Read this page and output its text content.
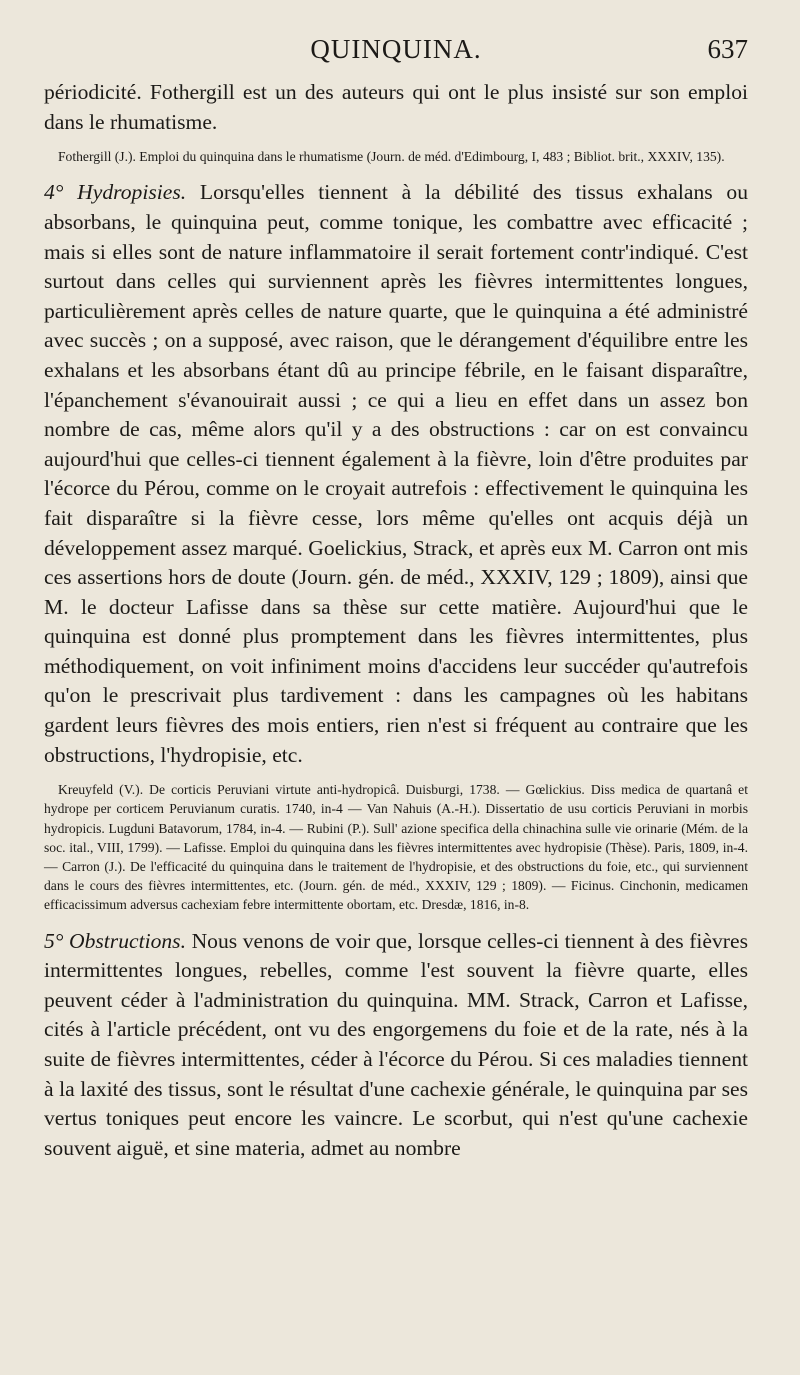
QUINQUINA.	637

périodicité. Fothergill est un des auteurs qui ont le plus insisté sur son emploi dans le rhumatisme.

Fothergill (J.). Emploi du quinquina dans le rhumatisme (Journ. de méd. d'Edimbourg, I, 483 ; Bibliot. brit., XXXIV, 135).

4° Hydropisies. Lorsqu'elles tiennent à la débilité des tissus exhalans ou absorbans, le quinquina peut, comme tonique, les combattre avec efficacité ; mais si elles sont de nature inflammatoire il serait fortement contr'indiqué. C'est surtout dans celles qui surviennent après les fièvres intermittentes longues, particulièrement après celles de nature quarte, que le quinquina a été administré avec succès ; on a supposé, avec raison, que le dérangement d'équilibre entre les exhalans et les absorbans étant dû au principe fébrile, en le faisant disparaître, l'épanchement s'évanouirait aussi ; ce qui a lieu en effet dans un assez bon nombre de cas, même alors qu'il y a des obstructions : car on est convaincu aujourd'hui que celles-ci tiennent également à la fièvre, loin d'être produites par l'écorce du Pérou, comme on le croyait autrefois : effectivement le quinquina les fait disparaître si la fièvre cesse, lors même qu'elles ont acquis déjà un développement assez marqué. Goelickius, Strack, et après eux M. Carron ont mis ces assertions hors de doute (Journ. gén. de méd., XXXIV, 129 ; 1809), ainsi que M. le docteur Lafisse dans sa thèse sur cette matière. Aujourd'hui que le quinquina est donné plus promptement dans les fièvres intermittentes, plus méthodiquement, on voit infiniment moins d'accidens leur succéder qu'autrefois qu'on le prescrivait plus tardivement : dans les campagnes où les habitans gardent leurs fièvres des mois entiers, rien n'est si fréquent au contraire que les obstructions, l'hydropisie, etc.

Kreuyfeld (V.). De corticis Peruviani virtute anti-hydropicâ. Duisburgi, 1738. — Gœlickius. Diss medica de quartanâ et hydrope per corticem Peruvianum curatis. 1740, in-4 — Van Nahuis (A.-H.). Dissertatio de usu corticis Peruviani in morbis hydropicis. Lugduni Batavorum, 1784, in-4. — Rubini (P.). Sull' azione specifica della chinachina sulle vie orinarie (Mém. de la soc. ital., VIII, 1799). — Lafisse. Emploi du quinquina dans les fièvres intermittentes avec hydropisie (Thèse). Paris, 1809, in-4. — Carron (J.). De l'efficacité du quinquina dans le traitement de l'hydropisie, et des obstructions du foie, etc., qui surviennent dans le cours des fièvres intermittentes, etc. (Journ. gén. de méd., XXXIV, 129 ; 1809). — Ficinus. Cinchonin, medicamen efficacissimum adversus cachexiam febre intermittente obortam, etc. Dresdæ, 1816, in-8.

5° Obstructions. Nous venons de voir que, lorsque celles-ci tiennent à des fièvres intermittentes longues, rebelles, comme l'est souvent la fièvre quarte, elles peuvent céder à l'administration du quinquina. MM. Strack, Carron et Lafisse, cités à l'article précédent, ont vu des engorgemens du foie et de la rate, nés à la suite de fièvres intermittentes, céder à l'écorce du Pérou. Si ces maladies tiennent à la laxité des tissus, sont le résultat d'une cachexie générale, le quinquina par ses vertus toniques peut encore les vaincre. Le scorbut, qui n'est qu'une cachexie souvent aiguë, et sine materia, admet au nombre
